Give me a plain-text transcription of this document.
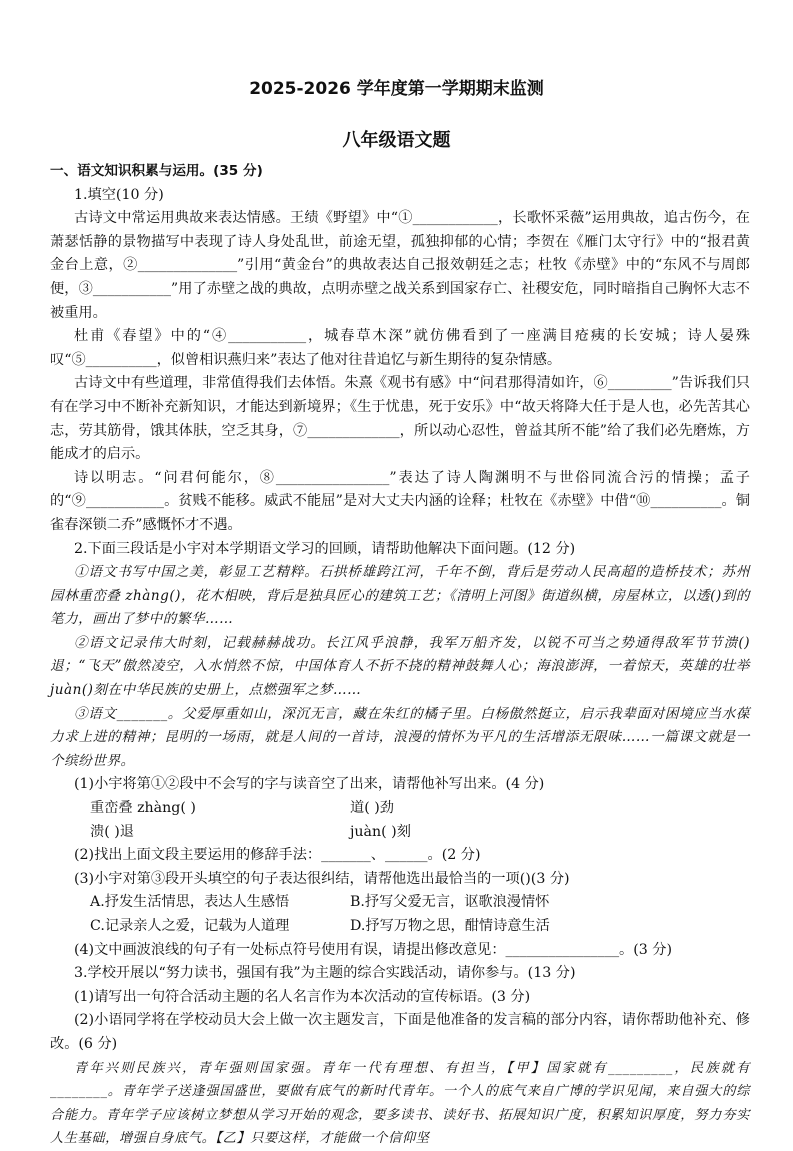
2025-2026 学年度第一学期期末监测
八年级语文题

一、语文知识积累与运用。(35 分)

1.填空(10 分)

古诗文中常运用典故来表达情感。王绩《野望》中“①____________，长歌怀采薇”运用典故，追古伤今，在萧瑟恬静的景物描写中表现了诗人身处乱世，前途无望，孤独抑郁的心情；李贺在《雁门太守行》中的“报君黄金台上意，②______________”引用“黄金台”的典故表达自己报效朝廷之志；杜牧《赤壁》中的“东风不与周郎便，③___________”用了赤壁之战的典故，点明赤壁之战关系到国家存亡、社稷安危，同时暗指自己胸怀大志不被重用。

杜甫《春望》中的“④___________，城春草木深”就仿佛看到了一座满目疮痍的长安城；诗人晏殊叹“⑤__________，似曾相识燕归来”表达了他对往昔追忆与新生期待的复杂情感。

古诗文中有些道理，非常值得我们去体悟。朱熹《观书有感》中“问君那得清如许，⑥_________”告诉我们只有在学习中不断补充新知识，才能达到新境界；《生于忧患，死于安乐》中“故天将降大任于是人也，必先苦其心志，劳其筋骨，饿其体肤，空乏其身，⑦_____________，所以动心忍性，曾益其所不能”给了我们必先磨炼，方能成才的启示。

诗以明志。“问君何能尔，⑧________________”表达了诗人陶渊明不与世俗同流合污的情操；孟子的“⑨___________。贫贱不能移。威武不能屈”是对大丈夫内涵的诠释；杜牧在《赤壁》中借“⑩__________。铜雀春深锁二乔”感慨怀才不遇。

2.下面三段话是小宇对本学期语文学习的回顾，请帮助他解决下面问题。(12 分)

①语文书写中国之美，彰显工艺精粹。石拱桥雄跨江河，千年不倒，背后是劳动人民高超的造桥技术；苏州园林重峦叠 zhàng()，花木相映，背后是独具匠心的建筑工艺；《清明上河图》街道纵横，房屋林立，以透()到的笔力，画出了梦中的繁华……

②语文记录伟大时刻，记载赫赫战功。长江风乎浪静，我军万船齐发，以锐不可当之势通得敌军节节溃()退；“飞天”傲然凌空，入水悄然不惊，中国体育人不折不挠的精神鼓舞人心；海浪澎湃，一着惊天，英雄的壮举 juàn()刻在中华民族的史册上，点燃强军之梦……

③语文_______。父爱厚重如山，深沉无言，藏在朱红的橘子里。白杨傲然挺立，启示我辈面对困境应当水葆力求上进的精神；昆明的一场雨，就是人间的一首诗，浪漫的情怀为平凡的生活增添无限味……一篇课文就是一个缤纷世界。

(1)小宇将第①②段中不会写的字与读音空了出来，请帮他补写出来。(4 分)

重峦叠 zhàng( )	道( )劲

溃( )退	juàn( )刻

(2)找出上面文段主要运用的修辞手法：_______、______。(2 分)

(3)小宇对第③段开头填空的句子表达很纠结，请帮他选出最恰当的一项()(3 分)

A.抒发生活情思，表达人生感悟	B.抒写父爱无言，讴歌浪漫情怀

C.记录亲人之爱，记载为人道理	D.抒写万物之思，酣情诗意生活

(4)文中画波浪线的句子有一处标点符号使用有误，请提出修改意见：________________。(3 分)

3.学校开展以“努力读书，强国有我”为主题的综合实践活动，请你参与。(13 分)

(1)请写出一句符合活动主题的名人名言作为本次活动的宣传标语。(3 分)

(2)小语同学将在学校动员大会上做一次主题发言，下面是他准备的发言稿的部分内容，请你帮助他补充、修改。(6 分)

青年兴则民族兴，青年强则国家强。青年一代有理想、有担当，【甲】国家就有_________，民族就有________。青年学子送逢强国盛世，要做有底气的新时代青年。一个人的底气来自广博的学识见闻，来自强大的综合能力。青年学子应该树立梦想从学习开始的观念，要多读书、读好书、拓展知识广度，积累知识厚度，努力夯实人生基础，增强自身底气。【乙】只要这样，才能做一个信仰坚
